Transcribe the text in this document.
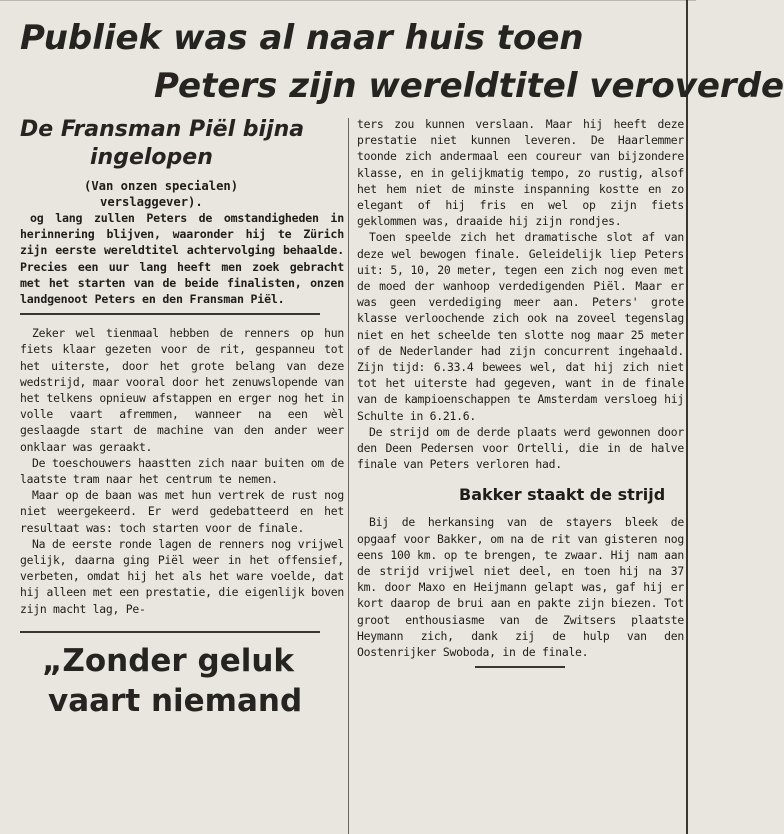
Publiek was al naar huis toen
Peters zijn wereldtitel veroverde
De Fransman Piël bijna
ingelopen
(Van onzen specialen)
verslaggever).

og lang zullen Peters de omstandigheden in herinnering blijven, waaronder hij te Zürich zijn eerste wereldtitel achtervolging behaalde. Precies een uur lang heeft men zoek gebracht met het starten van de beide finalisten, onzen landgenoot Peters en den Fransman Piël.

Zeker wel tienmaal hebben de renners op hun fiets klaar gezeten voor de rit, gespanneu tot het uiterste, door het grote belang van deze wedstrijd, maar vooral door het zenuwslopende van het telkens opnieuw afstappen en erger nog het in volle vaart afremmen, wanneer na een wèl geslaagde start de machine van den ander weer onklaar was geraakt.

De toeschouwers haastten zich naar buiten om de laatste tram naar het centrum te nemen.

Maar op de baan was met hun vertrek de rust nog niet weergekeerd. Er werd gedebatteerd en het resultaat was: toch starten voor de finale.

Na de eerste ronde lagen de renners nog vrijwel gelijk, daarna ging Piël weer in het offensief, verbeten, omdat hij het als het ware voelde, dat hij alleen met een prestatie, die eigenlijk boven zijn macht lag, Pe-

„Zonder geluk
vaart niemand

ters zou kunnen verslaan. Maar hij heeft deze prestatie niet kunnen leveren. De Haarlemmer toonde zich andermaal een coureur van bijzondere klasse, en in gelijkmatig tempo, zo rustig, alsof het hem niet de minste inspanning kostte en zo elegant of hij fris en wel op zijn fiets geklommen was, draaide hij zijn rondjes.

Toen speelde zich het dramatische slot af van deze wel bewogen finale. Geleidelijk liep Peters uit: 5, 10, 20 meter, tegen een zich nog even met de moed der wanhoop verdedigenden Piël. Maar er was geen verdediging meer aan. Peters' grote klasse verloochende zich ook na zoveel tegenslag niet en het scheelde ten slotte nog maar 25 meter of de Nederlander had zijn concurrent ingehaald. Zijn tijd: 6.33.4 bewees wel, dat hij zich niet tot het uiterste had gegeven, want in de finale van de kampioenschappen te Amsterdam versloeg hij Schulte in 6.21.6.

De strijd om de derde plaats werd gewonnen door den Deen Pedersen voor Ortelli, die in de halve finale van Peters verloren had.

Bakker staakt de strijd

Bij de herkansing van de stayers bleek de opgaaf voor Bakker, om na de rit van gisteren nog eens 100 km. op te brengen, te zwaar. Hij nam aan de strijd vrijwel niet deel, en toen hij na 37 km. door Maxo en Heijmann gelapt was, gaf hij er kort daarop de brui aan en pakte zijn biezen. Tot groot enthousiasme van de Zwitsers plaatste Heymann zich, dank zij de hulp van den Oostenrijker Swoboda, in de finale.
